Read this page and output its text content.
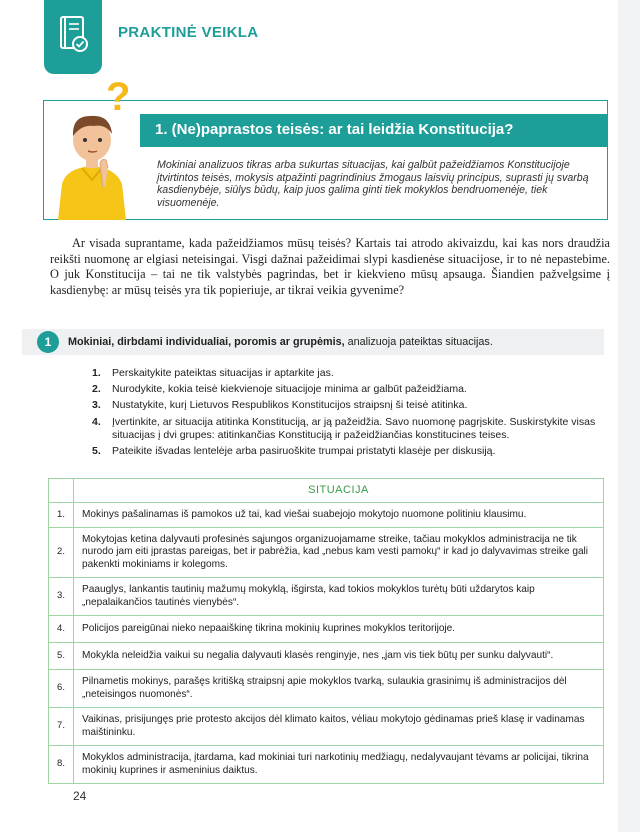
PRAKTINĖ VEIKLA
1. (Ne)paprastos teisės: ar tai leidžia Konstitucija?
Mokiniai analizuos tikras arba sukurtas situacijas, kai galbūt pažeidžiamos Konstitucijoje įtvirtintos teisės, mokysis atpažinti pagrindinius žmogaus laisvių principus, suprasti jų svarbą kasdienybėje, siūlys būdų, kaip juos galima ginti tiek mokyklos bendruomenėje, tiek visuomenėje.
?

Ar visada suprantame, kada pažeidžiamos mūsų teisės? Kartais tai atrodo akivaizdu, kai kas nors draudžia reikšti nuomonę ar elgiasi neteisingai. Visgi dažnai pažeidimai slypi kasdienėse situacijose, ir to nė nepastebime. O juk Konstitucija – tai ne tik valstybės pagrindas, bet ir kiekvieno mūsų apsauga. Šiandien pažvelgsime į kasdienybę: ar mūsų teisės yra tik popieriuje, ar tikrai veikia gyvenime?

1	Mokiniai, dirbdami individualiai, poromis ar grupėmis, analizuoja pateiktas situacijas.
1. Perskaitykite pateiktas situacijas ir aptarkite jas.
2. Nurodykite, kokia teisė kiekvienoje situacijoje minima ar galbūt pažeidžiama.
3. Nustatykite, kurį Lietuvos Respublikos Konstitucijos straipsnį ši teisė atitinka.
4. Įvertinkite, ar situacija atitinka Konstituciją, ar ją pažeidžia. Savo nuomonę pagrįskite. Suskirstykite visas situacijas į dvi grupes: atitinkančias Konstituciją ir pažeidžiančias konstitucines teises.
5. Pateikite išvadas lentelėje arba pasiruoškite trumpai pristatyti klasėje per diskusiją.
	SITUACIJA
1.	Mokinys pašalinamas iš pamokos už tai, kad viešai suabejojo mokytojo nuomone politiniu klausimu.
2.	Mokytojas ketina dalyvauti profesinės sąjungos organizuojamame streike, tačiau mokyklos administracija ne tik nurodo jam eiti įprastas pareigas, bet ir pabrėžia, kad „nebus kam vesti pamokų“ ir kad jo dalyvavimas streike gali pakenkti mokiniams ir kolegoms.
3.	Paauglys, lankantis tautinių mažumų mokyklą, išgirsta, kad tokios mokyklos turėtų būti uždarytos kaip „nepalaikančios tautinės vienybės“.
4.	Policijos pareigūnai nieko nepaaiškinę tikrina mokinių kuprines mokyklos teritorijoje.
5.	Mokykla neleidžia vaikui su negalia dalyvauti klasės renginyje, nes „jam vis tiek būtų per sunku dalyvauti“.
6.	Pilnametis mokinys, parašęs kritišką straipsnį apie mokyklos tvarką, sulaukia grasinimų iš administracijos dėl „neteisingos nuomonės“.
7.	Vaikinas, prisijungęs prie protesto akcijos dėl klimato kaitos, vėliau mokytojo gėdinamas prieš klasę ir vadinamas maištininku.
8.	Mokyklos administracija, įtardama, kad mokiniai turi narkotinių medžiagų, nedalyvaujant tėvams ar policijai, tikrina mokinių kuprines ir asmeninius daiktus.
24
